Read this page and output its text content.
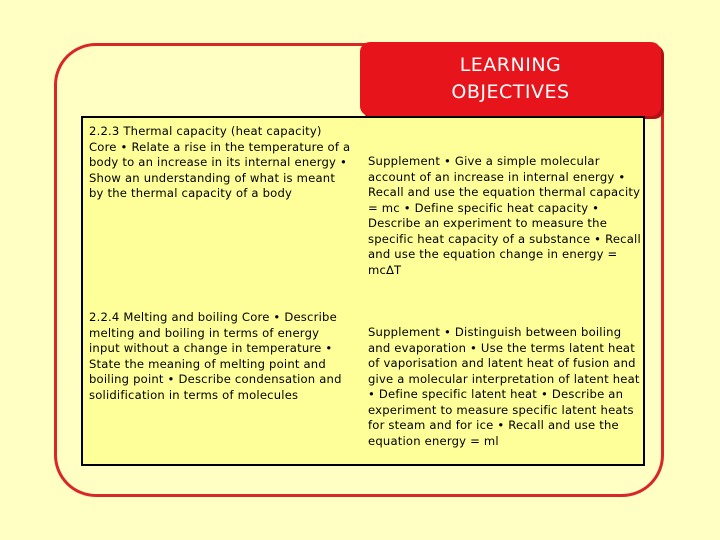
LEARNING
OBJECTIVES
2.2.3 Thermal capacity (heat capacity) Core • Relate a rise in the temperature of a body to an increase in its internal energy • Show an understanding of what is meant by the thermal capacity of a body
Supplement • Give a simple molecular account of an increase in internal energy • Recall and use the equation thermal capacity = mc • Define specific heat capacity • Describe an experiment to measure the specific heat capacity of a substance • Recall and use the equation change in energy = mc∆T
2.2.4 Melting and boiling Core • Describe melting and boiling in terms of energy input without a change in temperature • State the meaning of melting point and boiling point • Describe condensation and solidification in terms of molecules
Supplement • Distinguish between boiling and evaporation • Use the terms latent heat of vaporisation and latent heat of fusion and give a molecular interpretation of latent heat • Define specific latent heat • Describe an experiment to measure specific latent heats for steam and for ice • Recall and use the equation energy = ml
